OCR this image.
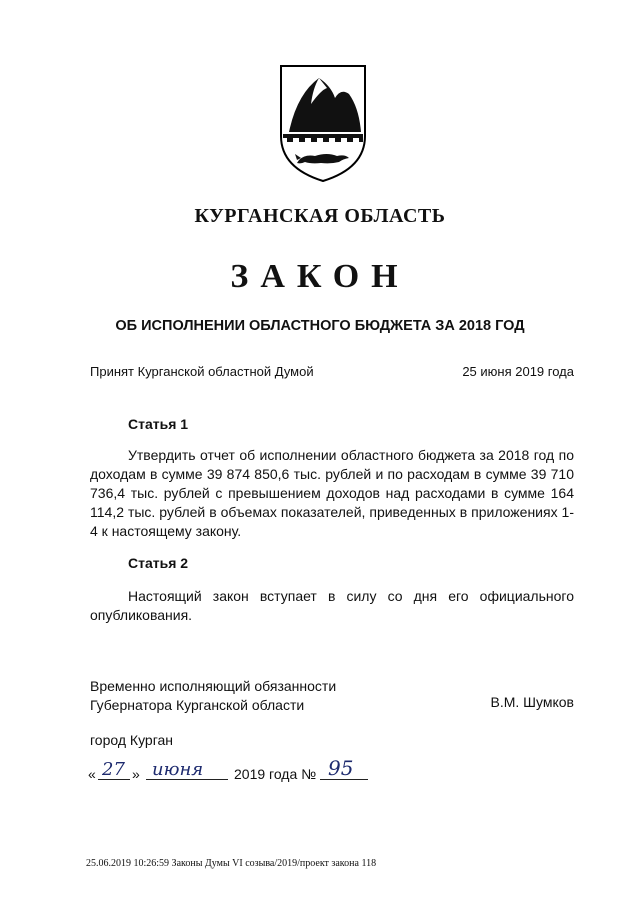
КУРГАНСКАЯ ОБЛАСТЬ
ЗАКОН
ОБ ИСПОЛНЕНИИ ОБЛАСТНОГО БЮДЖЕТА ЗА 2018 ГОД
Принят Курганской областной Думой	25 июня 2019 года
Статья 1
Утвердить отчет об исполнении областного бюджета за 2018 год по доходам в сумме 39 874 850,6 тыс. рублей и по расходам в сумме 39 710 736,4 тыс. рублей с превышением доходов над расходами в сумме 164 114,2 тыс. рублей в объемах показателей, приведенных в приложениях 1-4 к настоящему закону.
Статья 2
Настоящий закон вступает в силу со дня его официального опубликования.
Временно исполняющий обязанности
Губернатора Курганской области	В.М. Шумков
город Курган
« 27 » июня 2019 года № 95
25.06.2019 10:26:59 Законы Думы VI созыва/2019/проект закона 118
